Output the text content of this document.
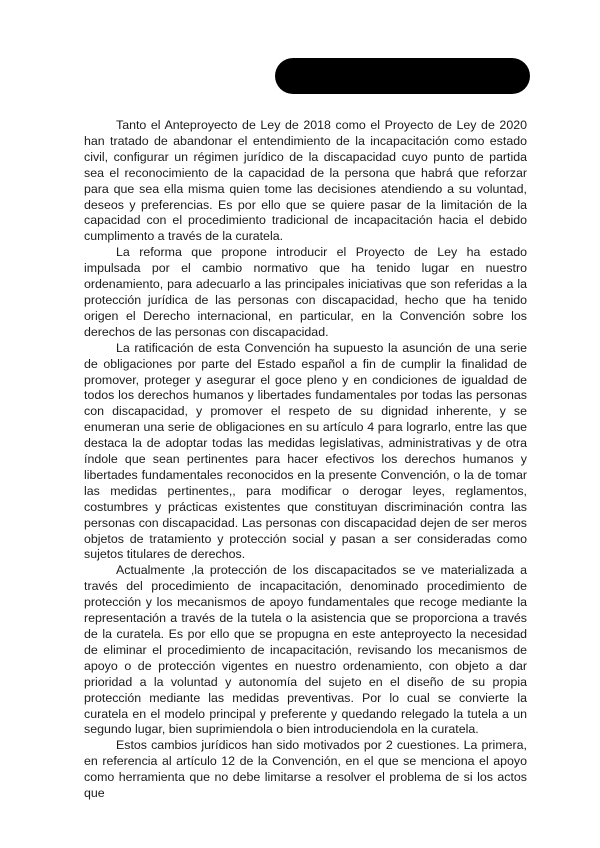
Tanto el Anteproyecto de Ley de 2018 como el Proyecto de Ley de 2020 han tratado de abandonar el entendimiento de la incapacitación como estado civil, configurar un régimen jurídico de la discapacidad cuyo punto de partida sea el reconocimiento de la capacidad de la persona que habrá que reforzar para que sea ella misma quien tome las decisiones atendiendo a su voluntad, deseos y preferencias. Es por ello que se quiere pasar de la limitación de la capacidad con el procedimiento tradicional de incapacitación hacia el debido cumplimento a través de la curatela.

La reforma que propone introducir el Proyecto de Ley ha estado impulsada por el cambio normativo que ha tenido lugar en nuestro ordenamiento, para adecuarlo a las principales iniciativas que son referidas a la protección jurídica de las personas con discapacidad, hecho que ha tenido origen el Derecho internacional, en particular, en la Convención sobre los derechos de las personas con discapacidad.

La ratificación de esta Convención ha supuesto la asunción de una serie de obligaciones por parte del Estado español a fin de cumplir la finalidad de promover, proteger y asegurar el goce pleno y en condiciones de igualdad de todos los derechos humanos y libertades fundamentales por todas las personas con discapacidad, y promover el respeto de su dignidad inherente, y se enumeran una serie de obligaciones en su artículo 4 para lograrlo, entre las que destaca la de adoptar todas las medidas legislativas, administrativas y de otra índole que sean pertinentes para hacer efectivos los derechos humanos y libertades fundamentales reconocidos en la presente Convención, o la de tomar las medidas pertinentes,, para modificar o derogar leyes, reglamentos, costumbres y prácticas existentes que constituyan discriminación contra las personas con discapacidad. Las personas con discapacidad dejen de ser meros objetos de tratamiento y protección social y pasan a ser consideradas como sujetos titulares de derechos.

Actualmente ,la protección de los discapacitados se ve materializada a través del procedimiento de incapacitación, denominado procedimiento de protección y los mecanismos de apoyo fundamentales que recoge mediante la representación a través de la tutela o la asistencia que se proporciona a través de la curatela. Es por ello que se propugna en este anteproyecto la necesidad de eliminar el procedimiento de incapacitación, revisando los mecanismos de apoyo o de protección vigentes en nuestro ordenamiento, con objeto a dar prioridad a la voluntad y autonomía del sujeto en el diseño de su propia protección mediante las medidas preventivas. Por lo cual se convierte la curatela en el modelo principal y preferente y quedando relegado la tutela a un segundo lugar, bien suprimiendola o bien introduciendola en la curatela.

Estos cambios jurídicos han sido motivados por 2 cuestiones. La primera, en referencia al artículo 12 de la Convención, en el que se menciona el apoyo como herramienta que no debe limitarse a resolver el problema de si los actos que
